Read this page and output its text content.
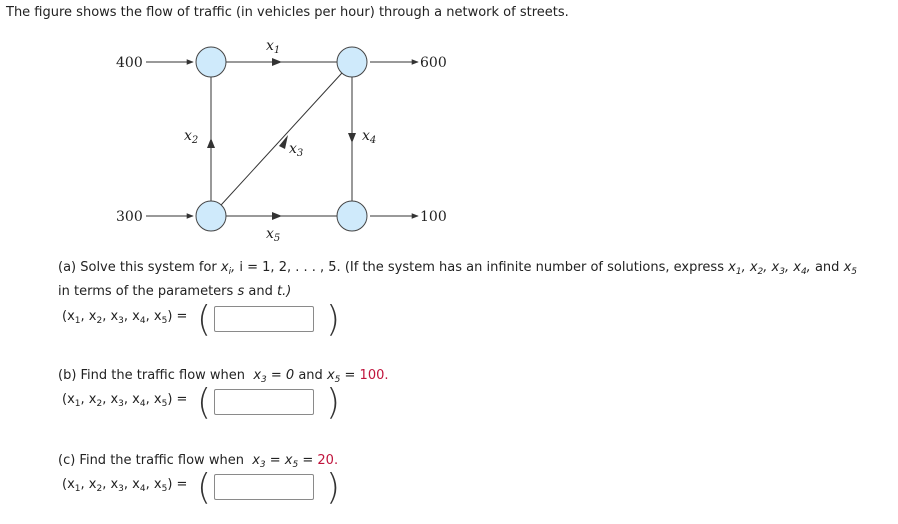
The figure shows the flow of traffic (in vehicles per hour) through a network of streets.
400
300
600
100
$x_1$
$x_2$
$x_3$
$x_4$
$x_5$
(a) Solve this system for $x_i$, i = 1, 2, . . . , 5. (If the system has an infinite number of solutions, express $x_1$, $x_2$, $x_3$, $x_4$, and $x_5$
in terms of the parameters s and t.)
($x_1$, $x_2$, $x_3$, $x_4$, $x_5$) = (	)
(b) Find the traffic flow when  $x_3 = 0$ and $x_5 = 100$.
($x_1$, $x_2$, $x_3$, $x_4$, $x_5$) = (	)
(c) Find the traffic flow when  $x_3 = x_5 = 20$.
($x_1$, $x_2$, $x_3$, $x_4$, $x_5$) = (	)
